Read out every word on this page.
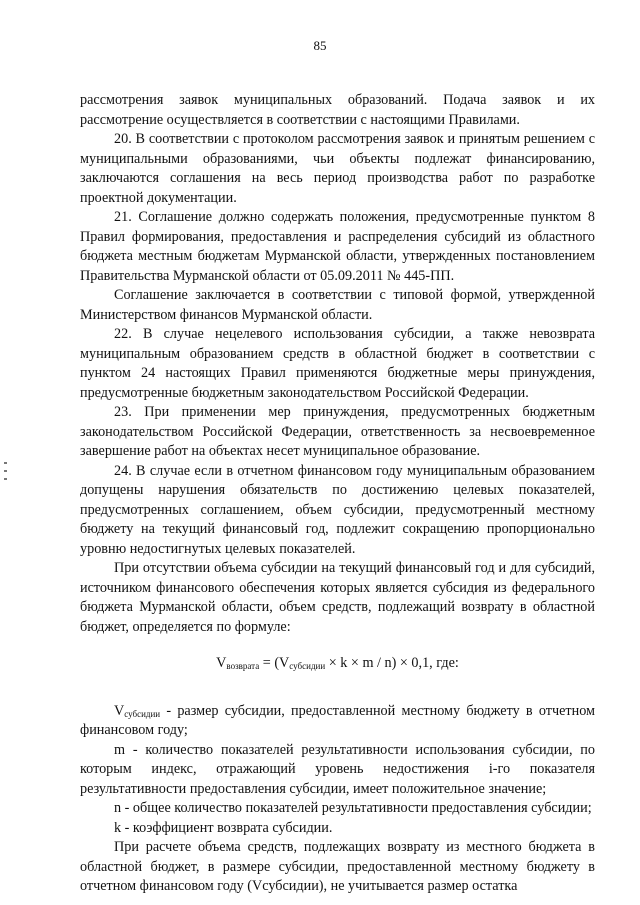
85

рассмотрения заявок муниципальных образований. Подача заявок и их рассмотрение осуществляется в соответствии с настоящими Правилами.

20. В соответствии с протоколом рассмотрения заявок и принятым решением с муниципальными образованиями, чьи объекты подлежат финансированию, заключаются соглашения на весь период производства работ по разработке проектной документации.

21. Соглашение должно содержать положения, предусмотренные пунктом 8 Правил формирования, предоставления и распределения субсидий из областного бюджета местным бюджетам Мурманской области, утвержденных постановлением Правительства Мурманской области от 05.09.2011 № 445-ПП.

Соглашение заключается в соответствии с типовой формой, утвержденной Министерством финансов Мурманской области.

22. В случае нецелевого использования субсидии, а также невозврата муниципальным образованием средств в областной бюджет в соответствии с пунктом 24 настоящих Правил применяются бюджетные меры принуждения, предусмотренные бюджетным законодательством Российской Федерации.

23. При применении мер принуждения, предусмотренных бюджетным законодательством Российской Федерации, ответственность за несвоевременное завершение работ на объектах несет муниципальное образование.

24. В случае если в отчетном финансовом году муниципальным образованием допущены нарушения обязательств по достижению целевых показателей, предусмотренных соглашением, объем субсидии, предусмотренный местному бюджету на текущий финансовый год, подлежит сокращению пропорционально уровню недостигнутых целевых показателей.

При отсутствии объема субсидии на текущий финансовый год и для субсидий, источником финансового обеспечения которых является субсидия из федерального бюджета Мурманской области, объем средств, подлежащий возврату в областной бюджет, определяется по формуле:

$V_{возврата} = (V_{субсидии} \times k \times m / n) \times 0,1$, где:

$V_{субсидии}$ - размер субсидии, предоставленной местному бюджету в отчетном финансовом году;

m - количество показателей результативности использования субсидии, по которым индекс, отражающий уровень недостижения i-го показателя результативности предоставления субсидии, имеет положительное значение;

n - общее количество показателей результативности предоставления субсидии;

k - коэффициент возврата субсидии.

При расчете объема средств, подлежащих возврату из местного бюджета в областной бюджет, в размере субсидии, предоставленной местному бюджету в отчетном финансовом году (Vсубсидии), не учитывается размер остатка
